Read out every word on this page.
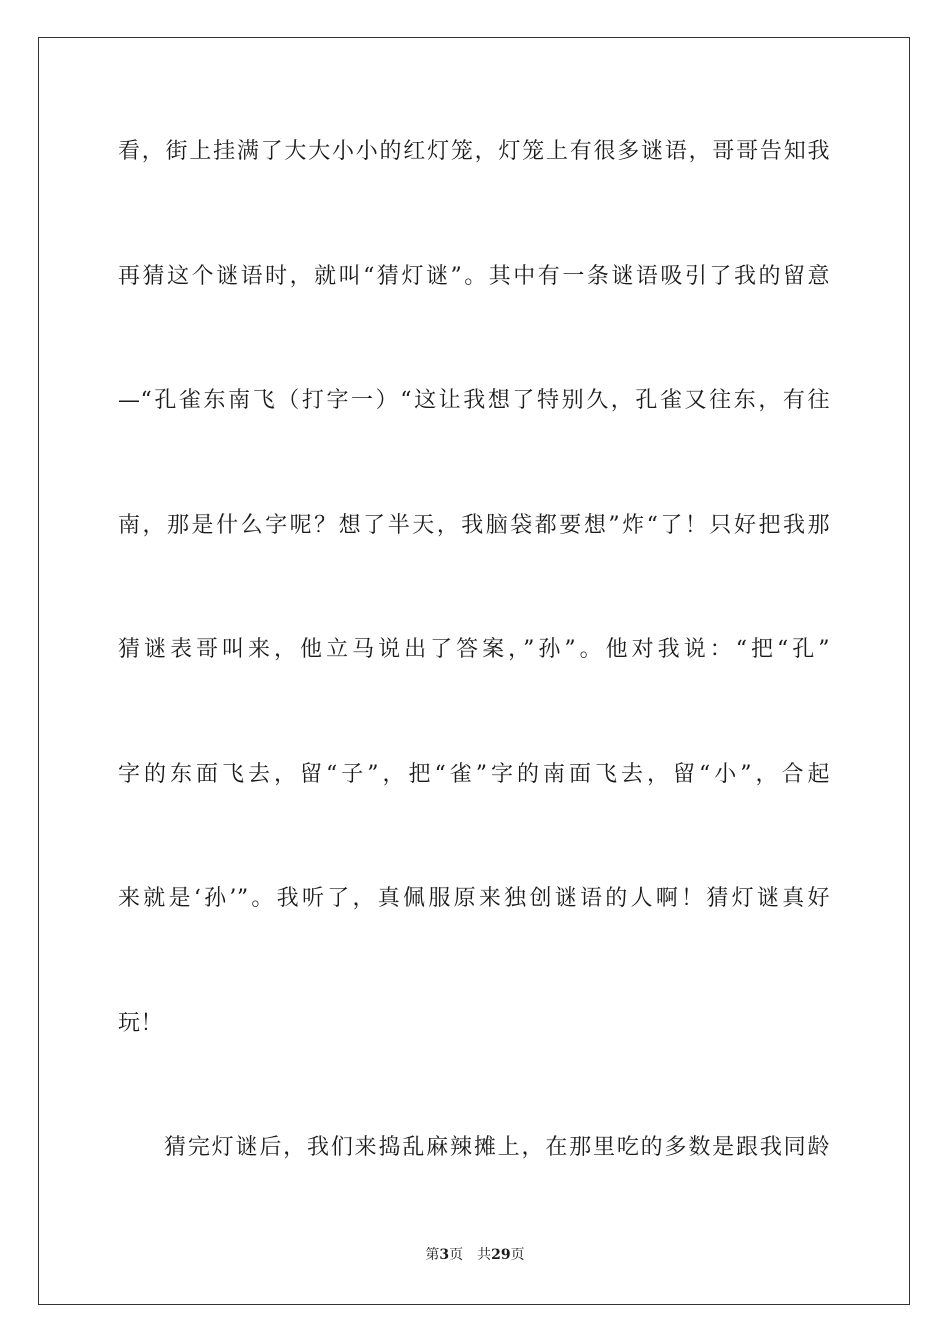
看，街上挂满了大大小小的红灯笼，灯笼上有很多谜语，哥哥告知我
再猜这个谜语时，就叫“猜灯谜”。其中有一条谜语吸引了我的留意
—“孔雀东南飞（打字一）“这让我想了特别久，孔雀又往东，有往
南，那是什么字呢？想了半天，我脑袋都要想”炸“了！只好把我那
猜谜表哥叫来，他立马说出了答案，”孙”。他对我说：“把“孔”
字的东面飞去，留“子”，把“雀”字的南面飞去，留“小”，合起
来就是‘孙’”。我听了，真佩服原来独创谜语的人啊！猜灯谜真好
玩！
猜完灯谜后，我们来捣乱麻辣摊上，在那里吃的多数是跟我同龄
第3页 共29页
